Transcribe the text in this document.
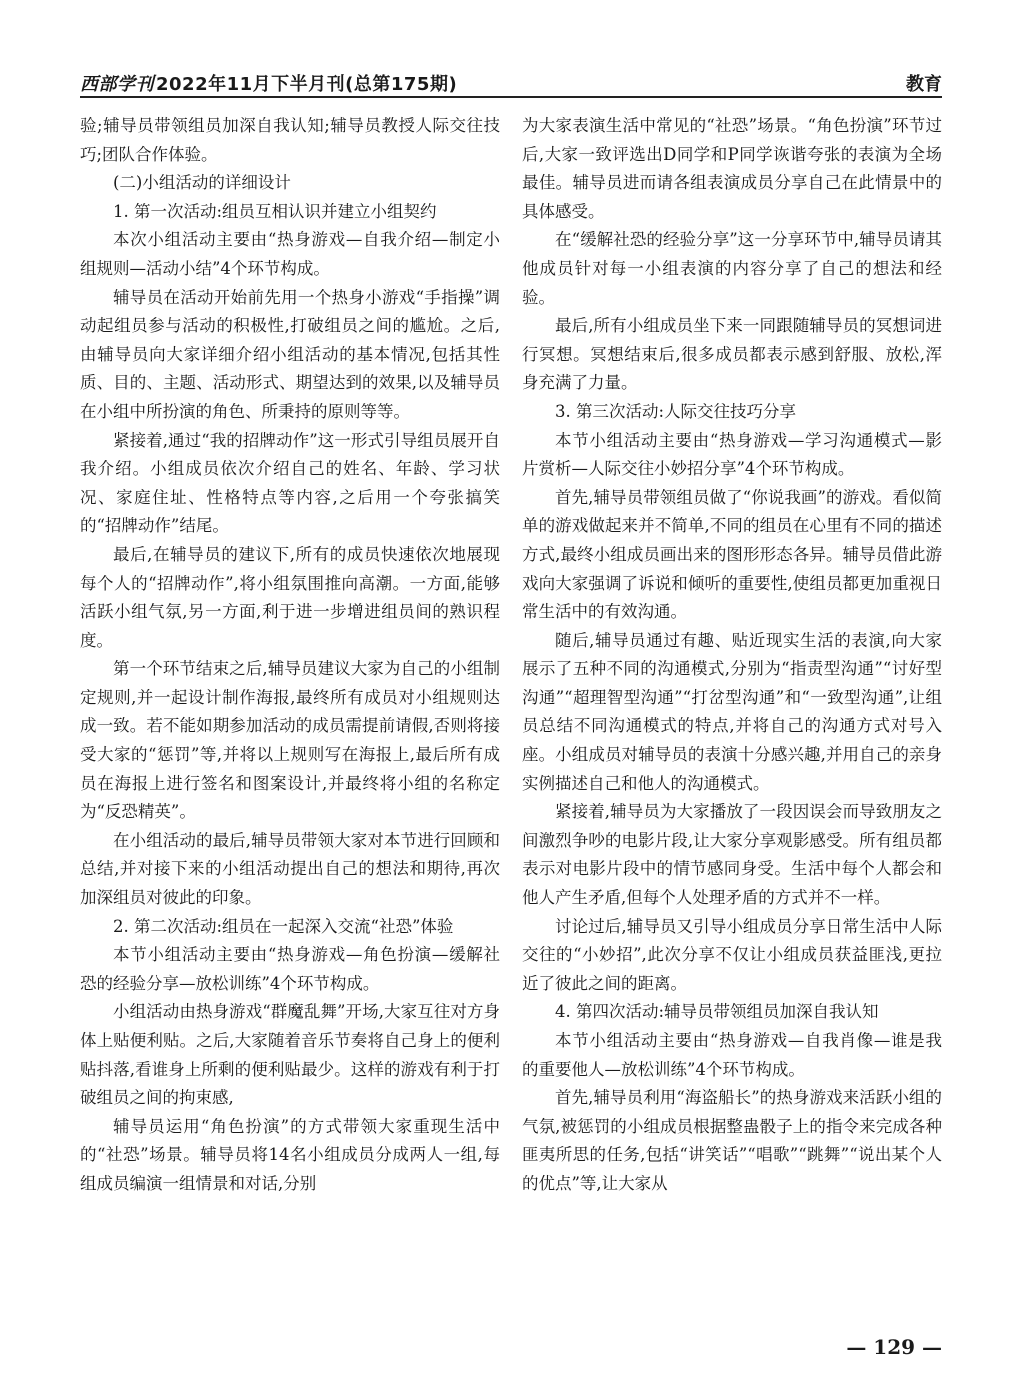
西部学刊 2022年11月下半月刊(总第175期)	教育

验;辅导员带领组员加深自我认知;辅导员教授人际交往技巧;团队合作体验。

(二)小组活动的详细设计

1. 第一次活动:组员互相认识并建立小组契约

本次小组活动主要由“热身游戏—自我介绍—制定小组规则—活动小结”4个环节构成。

辅导员在活动开始前先用一个热身小游戏“手指操”调动起组员参与活动的积极性,打破组员之间的尴尬。之后,由辅导员向大家详细介绍小组活动的基本情况,包括其性质、目的、主题、活动形式、期望达到的效果,以及辅导员在小组中所扮演的角色、所秉持的原则等等。

紧接着,通过“我的招牌动作”这一形式引导组员展开自我介绍。小组成员依次介绍自己的姓名、年龄、学习状况、家庭住址、性格特点等内容,之后用一个夸张搞笑的“招牌动作”结尾。

最后,在辅导员的建议下,所有的成员快速依次地展现每个人的“招牌动作”,将小组氛围推向高潮。一方面,能够活跃小组气氛,另一方面,利于进一步增进组员间的熟识程度。

第一个环节结束之后,辅导员建议大家为自己的小组制定规则,并一起设计制作海报,最终所有成员对小组规则达成一致。若不能如期参加活动的成员需提前请假,否则将接受大家的“惩罚”等,并将以上规则写在海报上,最后所有成员在海报上进行签名和图案设计,并最终将小组的名称定为“反恐精英”。

在小组活动的最后,辅导员带领大家对本节进行回顾和总结,并对接下来的小组活动提出自己的想法和期待,再次加深组员对彼此的印象。

2. 第二次活动:组员在一起深入交流“社恐”体验

本节小组活动主要由“热身游戏—角色扮演—缓解社恐的经验分享—放松训练”4个环节构成。

小组活动由热身游戏“群魔乱舞”开场,大家互往对方身体上贴便利贴。之后,大家随着音乐节奏将自己身上的便利贴抖落,看谁身上所剩的便利贴最少。这样的游戏有利于打破组员之间的拘束感,

辅导员运用“角色扮演”的方式带领大家重现生活中的“社恐”场景。辅导员将14名小组成员分成两人一组,每组成员编演一组情景和对话,分别

为大家表演生活中常见的“社恐”场景。“角色扮演”环节过后,大家一致评选出D同学和P同学诙谐夸张的表演为全场最佳。辅导员进而请各组表演成员分享自己在此情景中的具体感受。

在“缓解社恐的经验分享”这一分享环节中,辅导员请其他成员针对每一小组表演的内容分享了自己的想法和经验。

最后,所有小组成员坐下来一同跟随辅导员的冥想词进行冥想。冥想结束后,很多成员都表示感到舒服、放松,浑身充满了力量。

3. 第三次活动:人际交往技巧分享

本节小组活动主要由“热身游戏—学习沟通模式—影片赏析—人际交往小妙招分享”4个环节构成。

首先,辅导员带领组员做了“你说我画”的游戏。看似简单的游戏做起来并不简单,不同的组员在心里有不同的描述方式,最终小组成员画出来的图形形态各异。辅导员借此游戏向大家强调了诉说和倾听的重要性,使组员都更加重视日常生活中的有效沟通。

随后,辅导员通过有趣、贴近现实生活的表演,向大家展示了五种不同的沟通模式,分别为“指责型沟通”“讨好型沟通”“超理智型沟通”“打岔型沟通”和“一致型沟通”,让组员总结不同沟通模式的特点,并将自己的沟通方式对号入座。小组成员对辅导员的表演十分感兴趣,并用自己的亲身实例描述自己和他人的沟通模式。

紧接着,辅导员为大家播放了一段因误会而导致朋友之间激烈争吵的电影片段,让大家分享观影感受。所有组员都表示对电影片段中的情节感同身受。生活中每个人都会和他人产生矛盾,但每个人处理矛盾的方式并不一样。

讨论过后,辅导员又引导小组成员分享日常生活中人际交往的“小妙招”,此次分享不仅让小组成员获益匪浅,更拉近了彼此之间的距离。

4. 第四次活动:辅导员带领组员加深自我认知

本节小组活动主要由“热身游戏—自我肖像—谁是我的重要他人—放松训练”4个环节构成。

首先,辅导员利用“海盗船长”的热身游戏来活跃小组的气氛,被惩罚的小组成员根据整蛊骰子上的指令来完成各种匪夷所思的任务,包括“讲笑话”“唱歌”“跳舞”“说出某个人的优点”等,让大家从

— 129 —
